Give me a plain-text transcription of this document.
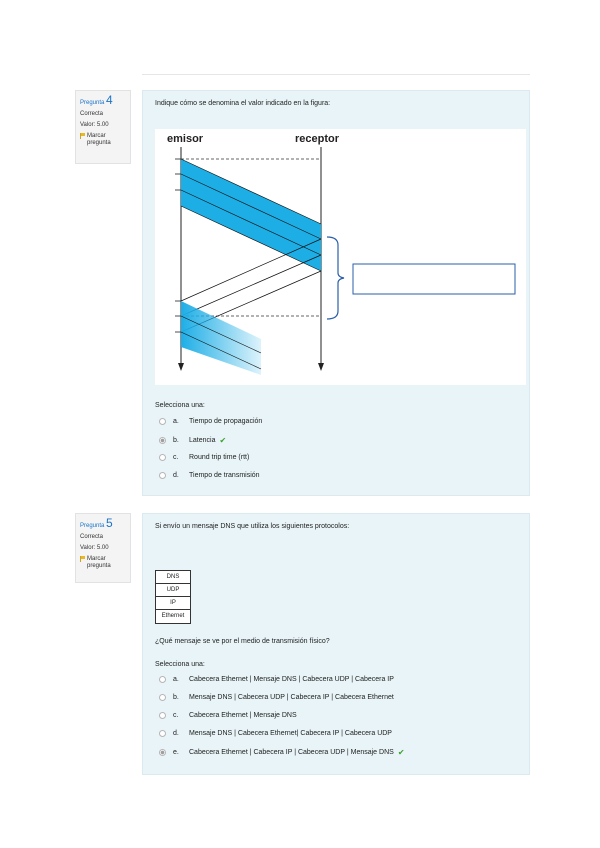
Pregunta 4
Correcta
Valor: 5.00
Marcar
pregunta
Indique cómo se denomina el valor indicado en la figura:
emisor	receptor
Selecciona una:
a.	Tiempo de propagación
b.	Latencia ✔
c.	Round trip time (rtt)
d.	Tiempo de transmisión
Pregunta 5
Correcta
Valor: 5.00
Marcar
pregunta
Si envío un mensaje DNS que utiliza los siguientes protocolos:
DNS
UDP
IP
Ethernet
¿Qué mensaje se ve por el medio de transmisión físico?
Selecciona una:
a.	Cabecera Ethernet | Mensaje DNS | Cabecera UDP | Cabecera IP
b.	Mensaje DNS | Cabecera UDP | Cabecera IP | Cabecera Ethernet
c.	Cabecera Ethernet | Mensaje DNS
d.	Mensaje DNS | Cabecera Ethernet| Cabecera IP | Cabecera UDP
e.	Cabecera Ethernet | Cabecera IP | Cabecera UDP | Mensaje DNS ✔
